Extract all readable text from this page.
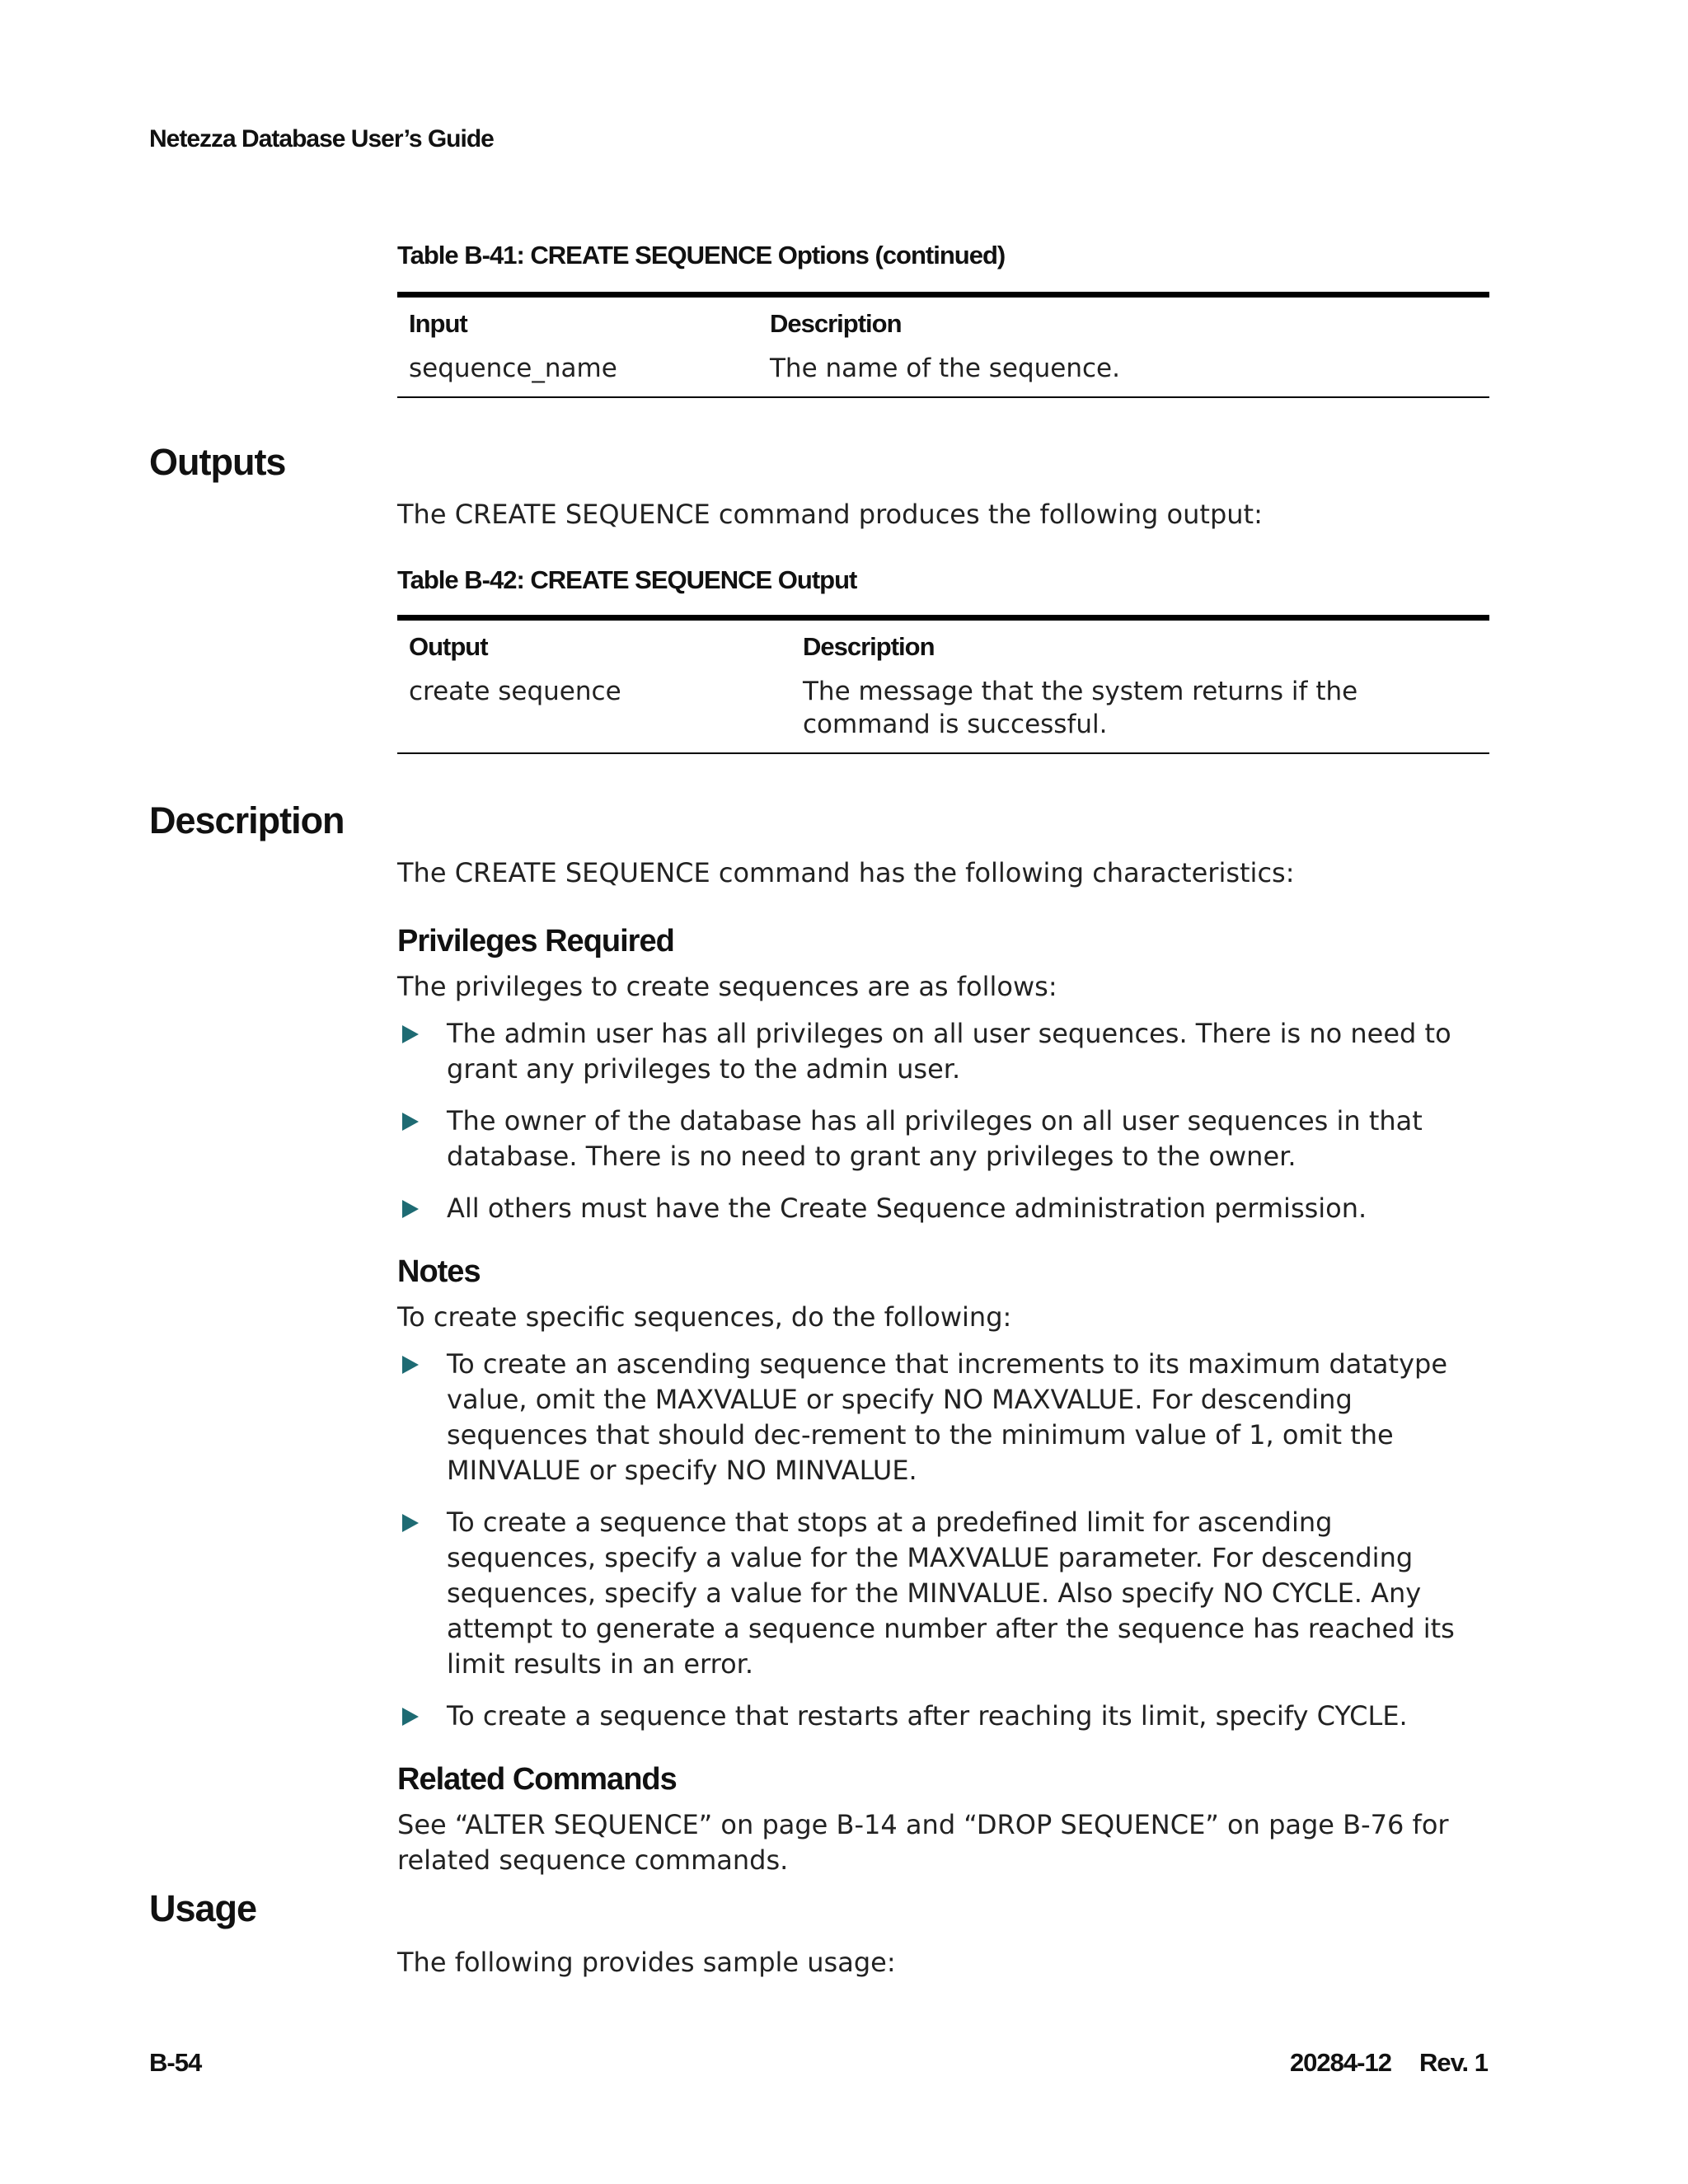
Netezza Database User’s Guide

Table B-41: CREATE SEQUENCE Options (continued)

Input	Description
sequence_name	The name of the sequence.
Outputs

The CREATE SEQUENCE command produces the following output:

Table B-42: CREATE SEQUENCE Output

Output	Description
create sequence	The message that the system returns if the command is successful.
Description

The CREATE SEQUENCE command has the following characteristics:

Privileges Required

The privileges to create sequences are as follows:

The admin user has all privileges on all user sequences. There is no need to grant any privileges to the admin user.
The owner of the database has all privileges on all user sequences in that database. There is no need to grant any privileges to the owner.
All others must have the Create Sequence administration permission.
Notes

To create specific sequences, do the following:

To create an ascending sequence that increments to its maximum datatype value, omit the MAXVALUE or specify NO MAXVALUE. For descending sequences that should dec-rement to the minimum value of 1, omit the MINVALUE or specify NO MINVALUE.
To create a sequence that stops at a predefined limit for ascending sequences, specify a value for the MAXVALUE parameter. For descending sequences, specify a value for the MINVALUE. Also specify NO CYCLE. Any attempt to generate a sequence number after the sequence has reached its limit results in an error.
To create a sequence that restarts after reaching its limit, specify CYCLE.
Related Commands

See “ALTER SEQUENCE” on page B-14 and “DROP SEQUENCE” on page B-76 for related sequence commands.

Usage

The following provides sample usage:

B-54	20284-12 Rev. 1
